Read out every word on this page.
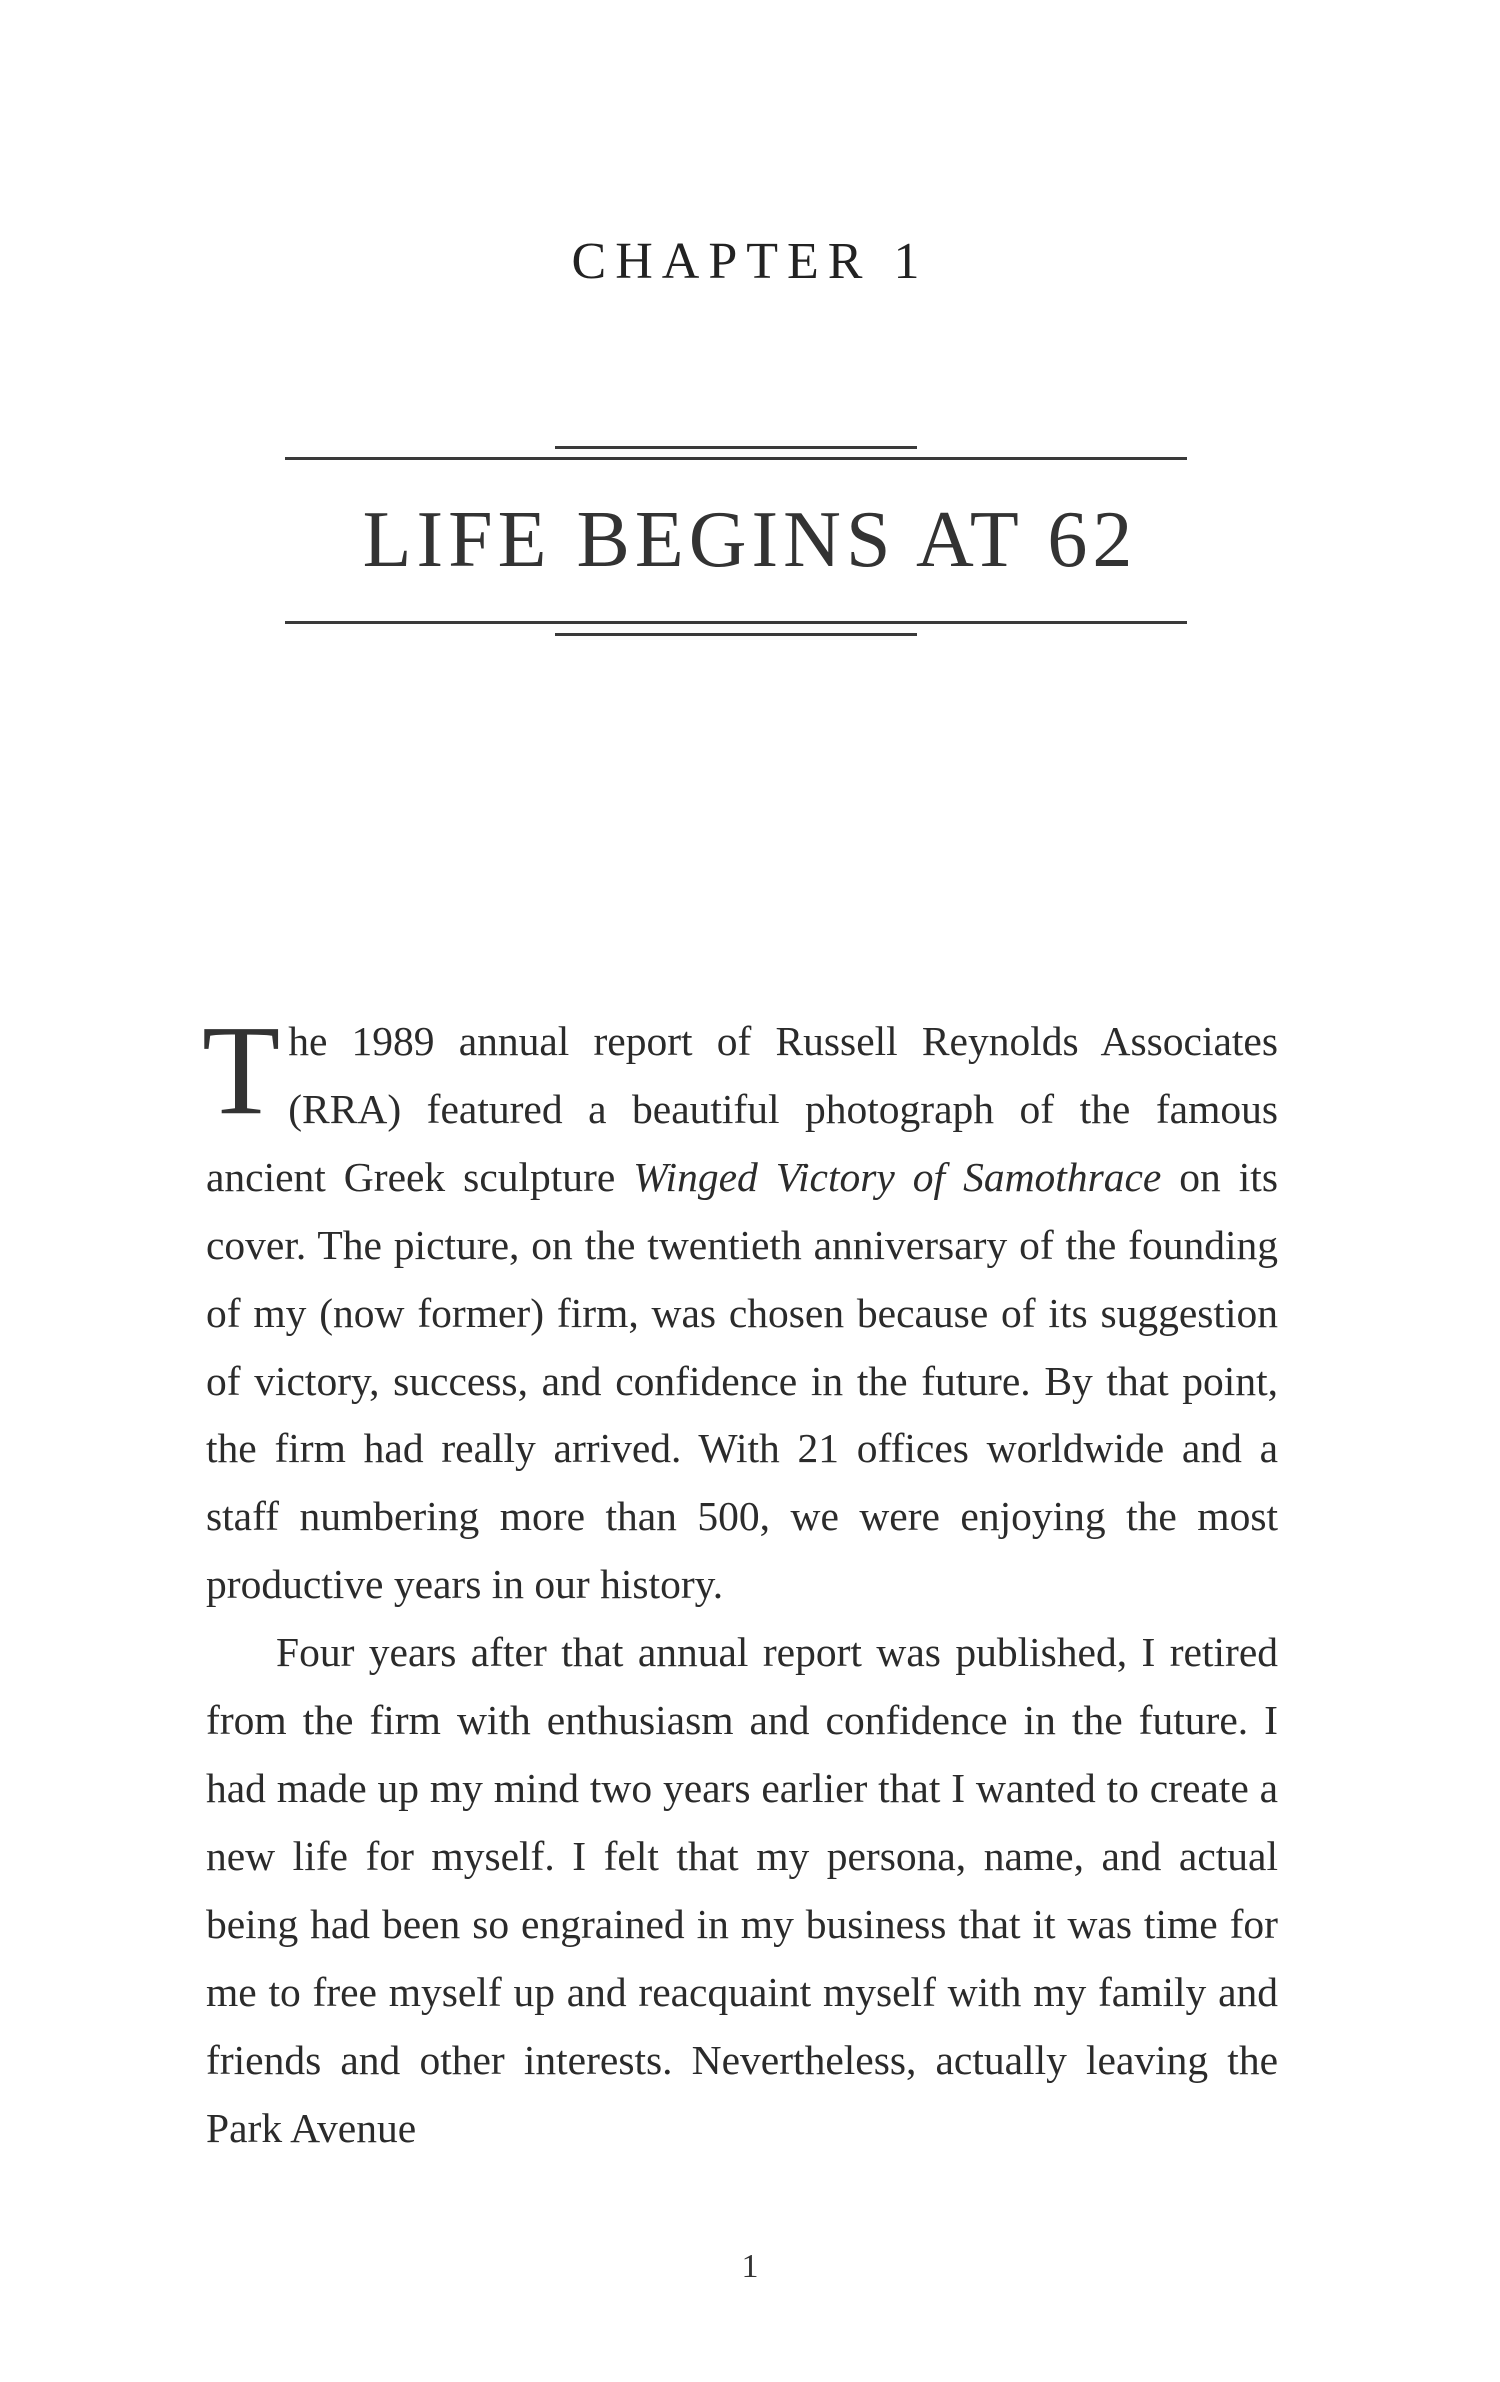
CHAPTER 1
LIFE BEGINS AT 62

The 1989 annual report of Russell Reynolds Associates (RRA) featured a beautiful photograph of the famous ancient Greek sculpture Winged Victory of Samothrace on its cover. The picture, on the twentieth anniversary of the founding of my (now former) firm, was chosen because of its suggestion of victory, success, and confidence in the future. By that point, the firm had really arrived. With 21 offices worldwide and a staff numbering more than 500, we were enjoying the most productive years in our history.

Four years after that annual report was published, I retired from the firm with enthusiasm and confidence in the future. I had made up my mind two years earlier that I wanted to create a new life for myself. I felt that my persona, name, and actual being had been so engrained in my business that it was time for me to free myself up and reacquaint myself with my family and friends and other interests. Nevertheless, actually leaving the Park Avenue

1
